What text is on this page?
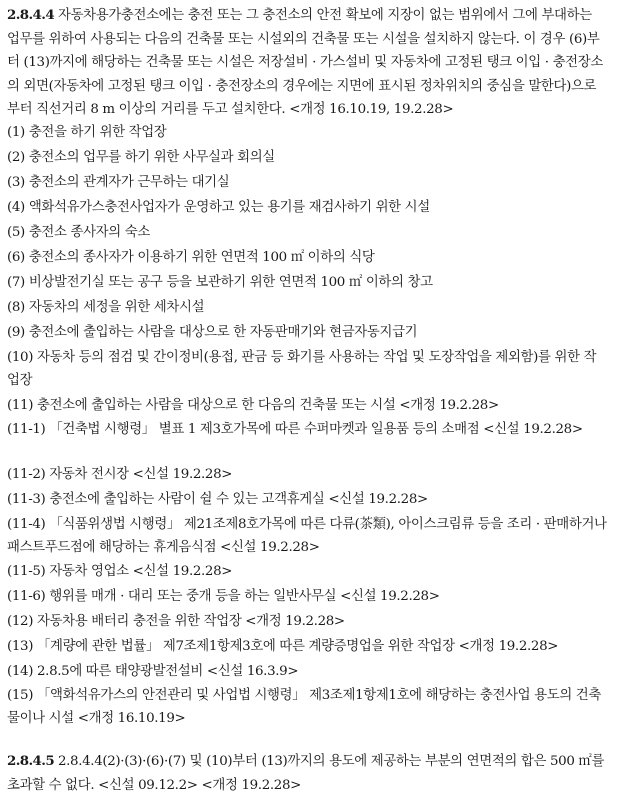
2.8.4.4 자동차용가충전소에는 충전 또는 그 충전소의 안전 확보에 지장이 없는 범위에서 그에 부대하는 업무를 위하여 사용되는 다음의 건축물 또는 시설외의 건축물 또는 시설을 설치하지 않는다. 이 경우 (6)부터 (13)까지에 해당하는 건축물 또는 시설은 저장설비 · 가스설비 및 자동차에 고정된 탱크 이입 · 충전장소의 외면(자동차에 고정된 탱크 이입 · 충전장소의 경우에는 지면에 표시된 정차위치의 중심을 말한다)으로부터 직선거리 8 m 이상의 거리를 두고 설치한다. <개정 16.10.19, 19.2.28>
(1) 충전을 하기 위한 작업장
(2) 충전소의 업무를 하기 위한 사무실과 회의실
(3) 충전소의 관계자가 근무하는 대기실
(4) 액화석유가스충전사업자가 운영하고 있는 용기를 재검사하기 위한 시설
(5) 충전소 종사자의 숙소
(6) 충전소의 종사자가 이용하기 위한 연면적 100 ㎡ 이하의 식당
(7) 비상발전기실 또는 공구 등을 보관하기 위한 연면적 100 ㎡ 이하의 창고
(8) 자동차의 세정을 위한 세차시설
(9) 충전소에 출입하는 사람을 대상으로 한 자동판매기와 현금자동지급기
(10) 자동차 등의 점검 및 간이정비(용접, 판금 등 화기를 사용하는 작업 및 도장작업을 제외함)를 위한 작업장
(11) 충전소에 출입하는 사람을 대상으로 한 다음의 건축물 또는 시설 <개정 19.2.28>
(11-1) 「건축법 시행령」 별표 1 제3호가목에 따른 수퍼마켓과 일용품 등의 소매점 <신설 19.2.28>
(11-2) 자동차 전시장 <신설 19.2.28>
(11-3) 충전소에 출입하는 사람이 쉴 수 있는 고객휴게실 <신설 19.2.28>
(11-4) 「식품위생법 시행령」 제21조제8호가목에 따른 다류(茶類), 아이스크림류 등을 조리 · 판매하거나 패스트푸드점에 해당하는 휴게음식점 <신설 19.2.28>
(11-5) 자동차 영업소 <신설 19.2.28>
(11-6) 행위를 매개 · 대리 또는 중개 등을 하는 일반사무실 <신설 19.2.28>
(12) 자동차용 배터리 충전을 위한 작업장 <개정 19.2.28>
(13) 「계량에 관한 법률」 제7조제1항제3호에 따른 계량증명업을 위한 작업장 <개정 19.2.28>
(14) 2.8.5에 따른 태양광발전설비 <신설 16.3.9>
(15) 「액화석유가스의 안전관리 및 사업법 시행령」 제3조제1항제1호에 해당하는 충전사업 용도의 건축물이나 시설 <개정 16.10.19>
2.8.4.5 2.8.4.4(2)·(3)·(6)·(7) 및 (10)부터 (13)까지의 용도에 제공하는 부분의 연면적의 합은 500 ㎡를 초과할 수 없다. <신설 09.12.2> <개정 19.2.28>
